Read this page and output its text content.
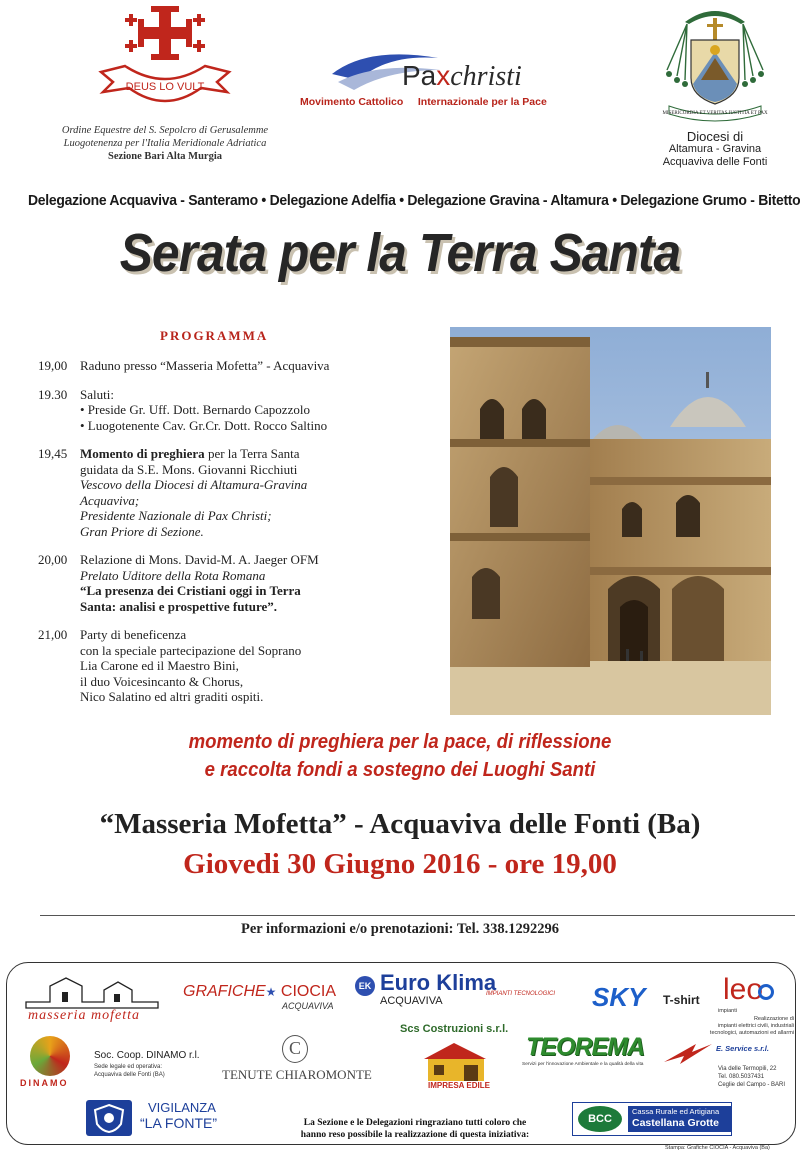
DEUS LO VULT
Ordine Equestre del S. Sepolcro di Gerusalemme
Luogotenenza per l'Italia Meridionale Adriatica
Sezione Bari Alta Murgia
Paxchristi
Movimento Cattolico Internazionale per la Pace
MISERICORDIA ET VERITAS IUSTITIA ET PAX
Diocesi di
Altamura - Gravina
Acquaviva delle Fonti
Delegazione Acquaviva - Santeramo • Delegazione Adelfia • Delegazione Gravina - Altamura • Delegazione Grumo - Bitetto
Serata per la Terra Santa
PROGRAMMA
19,00 Raduno presso “Masseria Mofetta” - Acquaviva
19.30 Saluti:
• Preside Gr. Uff. Dott. Bernardo Capozzolo
• Luogotenente Cav. Gr.Cr. Dott. Rocco Saltino
19,45 Momento di preghiera per la Terra Santa
guidata da S.E. Mons. Giovanni Ricchiuti
Vescovo della Diocesi di Altamura-Gravina
Acquaviva;
Presidente Nazionale di Pax Christi;
Gran Priore di Sezione.
20,00 Relazione di Mons. David-M. A. Jaeger OFM
Prelato Uditore della Rota Romana
“La presenza dei Cristiani oggi in Terra
Santa: analisi e prospettive future”.
21,00 Party di beneficenza
con la speciale partecipazione del Soprano
Lia Carone ed il Maestro Bini,
il duo Voicesincanto & Chorus,
Nico Salatino ed altri graditi ospiti.
momento di preghiera per la pace, di riflessione
e raccolta fondi a sostegno dei Luoghi Santi
“Masseria Mofetta” - Acquaviva delle Fonti (Ba)
Giovedi 30 Giugno 2016 - ore 19,00
Per informazioni e/o prenotazioni: Tel. 338.1292296
masseria mofetta
GRAFICHE★ CIOCIA
ACQUAVIVA
EK Euro Klima
ACQUAVIVA
IMPIANTI TECNOLOGICI SKY T-shirt leo
impianti
Realizzazione di
impianti elettrici civili, industriali
tecnologici, automazioni ed allarmi
DINAMO
Soc. Coop. DINAMO r.l.
Sede legale ed operativa:
Acquaviva delle Fonti (BA)
C
TENUTE CHIAROMONTE
Scs Costruzioni s.r.l.
IMPRESA EDILE
TEOREMA
Servizi per l'innovazione Ambientale e la qualità della vita
E. Service s.r.l.
Via delle Termopili, 22
Tel. 080.5037431
Ceglie del Campo - BARI
VIGILANZA
“LA FONTE”	La Sezione e le Delegazioni ringraziano tutti coloro che
hanno reso possibile la realizzazione di questa iniziativa:
BCC
Cassa Rurale ed Artigiana
Castellana Grotte
Stampa: Grafiche CIOCIA - Acquaviva (Ba)
